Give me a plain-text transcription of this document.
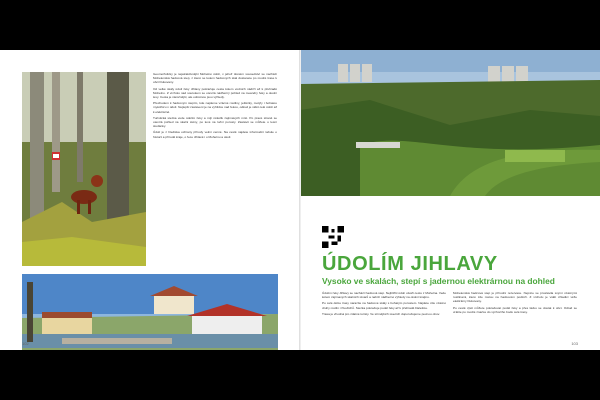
Geomorfolicky je nejatraktivnější Mohelné údolí, v jehož těsném sousedství se nachází Mohelenská hadcová step, z které se kolem hadcových skal dostanete po modré trase k obci Dukovany.

Od velké skály údolí řeky Jihlavy pokračuje cesta kolem vodních nádrží až k přehradě Mohelno. Z vrcholu nad soutokem se otevírá nádherný pohled na meandry řeky a okolní lesy. Cesta je náročnější, ale odměnou jsou výhledy.

Přechodem k hadcovým stepím, kde najdeme vzácné rostliny, ještěrky, motýly i bohatou mykoflóru v údolí. Nejlepší zastavení je na vyhlídce nad řekou, odkud je vidět celé údolí až k elektrárně.

Turistická stezka vede údolím řeky a míjí několik zajímavých míst. Po pravé straně se otevírá pohled na skalní stěny, po levé na luční porosty. Zastavit se můžete u lesní studánky.

Údolí je z hlediska ochrany přírody velmi cenné. Na cestě najdete informační tabule o historii a přírodě kraje, o řece Jihlavě i o Mohelnu a okolí.

102
ÚDOLÍM JIHLAVY
Vysoko ve skalách, stepí s jadernou elektrárnou na dohled

Údolím řeky Jihlavy se nachází hadcová step. Nejbližší údolí utváří cestu z Mohelna. Vede kolem zajímavých skalních útvarů a nabízí nádherné výhledy na okolní krajinu.

Po celé délce trasy narazíte na hadcové skály s bohatým porostem. Najdete zde vzácné druhy rostlin i živočichů. Stezka pokračuje podél řeky až k přehradě Dalešice.

Trasa je vhodná pro zdatné turisty. Ve strmějších úsecích doporučujeme pevnou obuv.

Mohelenská hadcová step je přírodní rezervace. Nejvíce se proslavila svými vzácnými rostlinami, které zde rostou na hadcovém podloží. Z vrcholu je vidět chladicí věže elektrárny Dukovany.

Po cestě zpět můžete pokračovat podél řeky a přes lávku se dostat k obci. Odtud se vrátíte po modré značce do výchozího bodu celé trasy.

103
